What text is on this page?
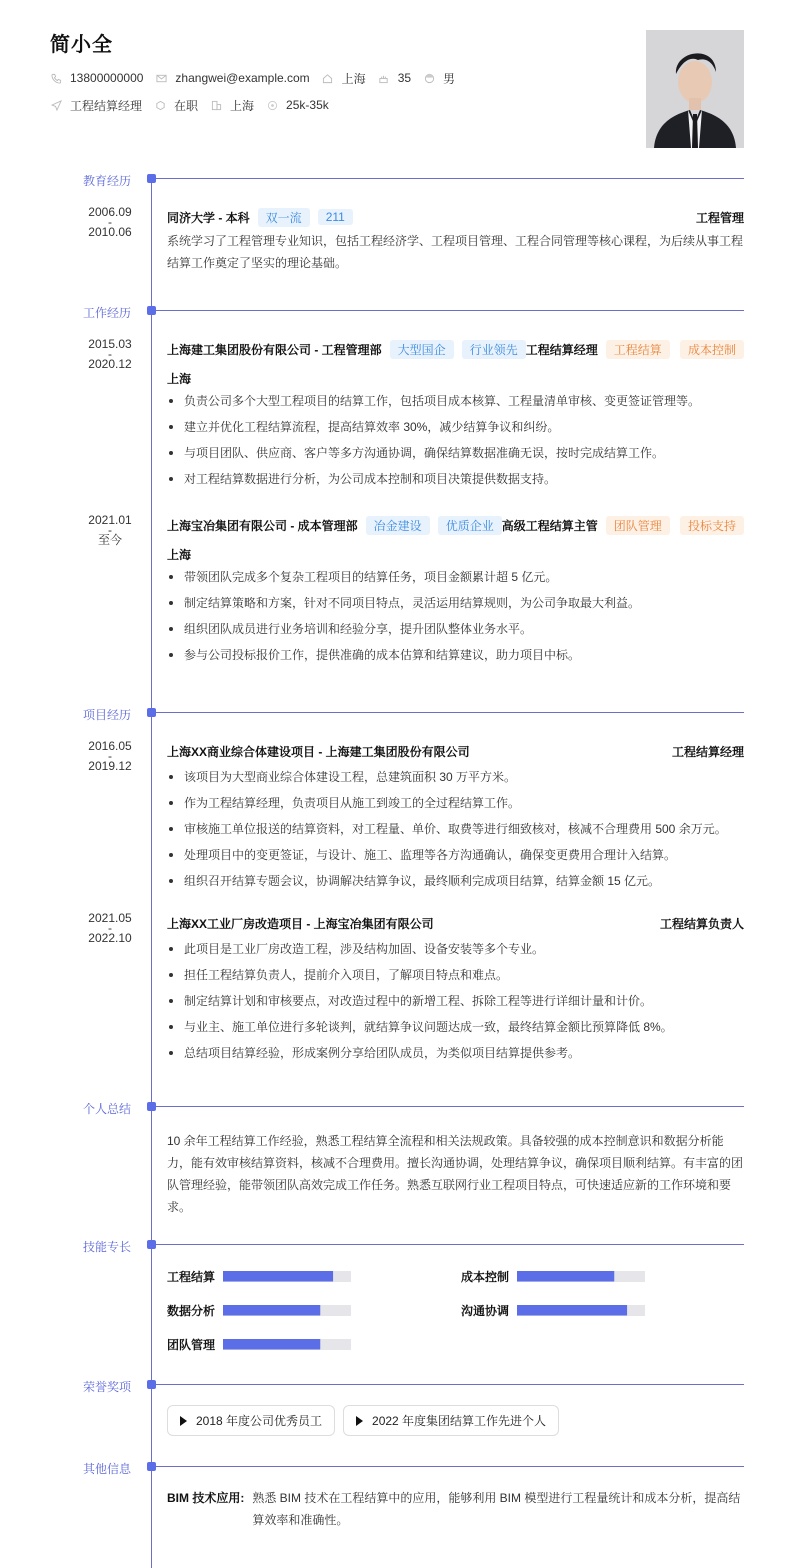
简小全
13800000000	zhangwei@example.com	上海	35	男
工程结算经理	在职	上海	25k-35k
教育经历
2006.09
-
2010.06
同济大学 - 本科	双一流	211	工程管理
系统学习了工程管理专业知识，包括工程经济学、工程项目管理、工程合同管理等核心课程，为后续从事工程结算工作奠定了坚实的理论基础。
工作经历
2015.03
-
2020.12
上海建工集团股份有限公司 - 工程管理部	大型国企	行业领先 工程结算经理	工程结算	成本控制
上海
负责公司多个大型工程项目的结算工作，包括项目成本核算、工程量清单审核、变更签证管理等。
建立并优化工程结算流程，提高结算效率 30%，减少结算争议和纠纷。
与项目团队、供应商、客户等多方沟通协调，确保结算数据准确无误，按时完成结算工作。
对工程结算数据进行分析，为公司成本控制和项目决策提供数据支持。
2021.01
-
至今
上海宝冶集团有限公司 - 成本管理部	冶金建设	优质企业 高级工程结算主管	团队管理	投标支持
上海
带领团队完成多个复杂工程项目的结算任务，项目金额累计超 5 亿元。
制定结算策略和方案，针对不同项目特点，灵活运用结算规则，为公司争取最大利益。
组织团队成员进行业务培训和经验分享，提升团队整体业务水平。
参与公司投标报价工作，提供准确的成本估算和结算建议，助力项目中标。
项目经历
2016.05
-
2019.12
上海XX商业综合体建设项目 - 上海建工集团股份有限公司	工程结算经理
该项目为大型商业综合体建设工程，总建筑面积 30 万平方米。
作为工程结算经理，负责项目从施工到竣工的全过程结算工作。
审核施工单位报送的结算资料，对工程量、单价、取费等进行细致核对，核减不合理费用 500 余万元。
处理项目中的变更签证，与设计、施工、监理等各方沟通确认，确保变更费用合理计入结算。
组织召开结算专题会议，协调解决结算争议，最终顺利完成项目结算，结算金额 15 亿元。
2021.05
-
2022.10
上海XX工业厂房改造项目 - 上海宝冶集团有限公司	工程结算负责人
此项目是工业厂房改造工程，涉及结构加固、设备安装等多个专业。
担任工程结算负责人，提前介入项目，了解项目特点和难点。
制定结算计划和审核要点，对改造过程中的新增工程、拆除工程等进行详细计量和计价。
与业主、施工单位进行多轮谈判，就结算争议问题达成一致，最终结算金额比预算降低 8%。
总结项目结算经验，形成案例分享给团队成员，为类似项目结算提供参考。
个人总结
10 余年工程结算工作经验，熟悉工程结算全流程和相关法规政策。具备较强的成本控制意识和数据分析能力，能有效审核结算资料，核减不合理费用。擅长沟通协调，处理结算争议，确保项目顺利结算。有丰富的团队管理经验，能带领团队高效完成工作任务。熟悉互联网行业工程项目特点，可快速适应新的工作环境和要求。
技能专长
工程结算	成本控制
数据分析	沟通协调
团队管理
荣誉奖项
2018 年度公司优秀员工	2022 年度集团结算工作先进个人
其他信息
BIM 技术应用: 熟悉 BIM 技术在工程结算中的应用，能够利用 BIM 模型进行工程量统计和成本分析，提高结算效率和准确性。
